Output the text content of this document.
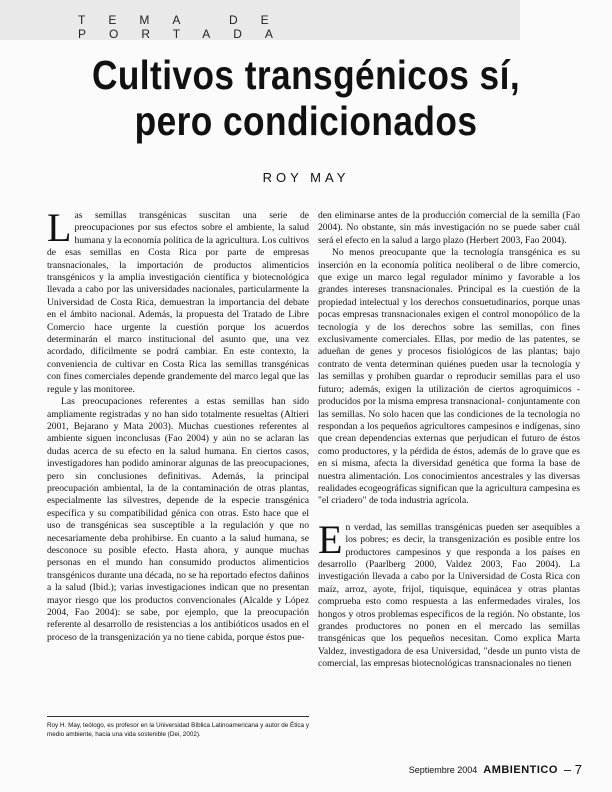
TEMA DE PORTADA
Cultivos transgénicos sí,
pero condicionados
ROY MAY

Las semillas transgénicas suscitan una serie de preocupaciones por sus efectos sobre el ambiente, la salud humana y la economía política de la agricultura. Los cultivos de esas semillas en Costa Rica por parte de empresas transnacionales, la importación de productos alimenticios transgénicos y la amplia investigación científica y biotecnológica llevada a cabo por las universidades nacionales, particularmente la Universidad de Costa Rica, demuestran la importancia del debate en el ámbito nacional. Además, la propuesta del Tratado de Libre Comercio hace urgente la cuestión porque los acuerdos determinarán el marco institucional del asunto que, una vez acordado, difícilmente se podrá cambiar. En este contexto, la conveniencia de cultivar en Costa Rica las semillas transgénicas con fines comerciales depende grandemente del marco legal que las regule y las monitoree.

Las preocupaciones referentes a estas semillas han sido ampliamente registradas y no han sido totalmente resueltas (Altieri 2001, Bejarano y Mata 2003). Muchas cuestiones referentes al ambiente siguen inconclusas (Fao 2004) y aún no se aclaran las dudas acerca de su efecto en la salud humana. En ciertos casos, investigadores han podido aminorar algunas de las preocupaciones, pero sin conclusiones definitivas. Además, la principal preocupación ambiental, la de la contaminación de otras plantas, especialmente las silvestres, depende de la especie transgénica específica y su compatibilidad génica con otras. Esto hace que el uso de transgénicas sea susceptible a la regulación y que no necesariamente deba prohibirse. En cuanto a la salud humana, se desconoce su posible efecto. Hasta ahora, y aunque muchas personas en el mundo han consumido productos alimenticios transgénicos durante una década, no se ha reportado efectos dañinos a la salud (Ibid.); varias investigaciones indican que no presentan mayor riesgo que los productos convencionales (Alcalde y López 2004, Fao 2004): se sabe, por ejemplo, que la preocupación referente al desarrollo de resistencias a los antibióticos usados en el proceso de la transgenización ya no tiene cabida, porque éstos pue-

den eliminarse antes de la producción comercial de la semilla (Fao 2004). No obstante, sin más investigación no se puede saber cuál será el efecto en la salud a largo plazo (Herbert 2003, Fao 2004).

No menos preocupante que la tecnología transgénica es su inserción en la economía política neoliberal o de libre comercio, que exige un marco legal regulador mínimo y favorable a los grandes intereses transnacionales. Principal es la cuestión de la propiedad intelectual y los derechos consuetudinarios, porque unas pocas empresas transnacionales exigen el control monopólico de la tecnología y de los derechos sobre las semillas, con fines exclusivamente comerciales. Ellas, por medio de las patentes, se adueñan de genes y procesos fisiológicos de las plantas; bajo contrato de venta determinan quiénes pueden usar la tecnología y las semillas y prohíben guardar o reproducir semillas para el uso futuro; además, exigen la utilización de ciertos agroquímicos -producidos por la misma empresa transnacional- conjuntamente con las semillas. No solo hacen que las condiciones de la tecnología no respondan a los pequeños agricultores campesinos e indígenas, sino que crean dependencias externas que perjudican el futuro de éstos como productores, y la pérdida de éstos, además de lo grave que es en sí misma, afecta la diversidad genética que forma la base de nuestra alimentación. Los conocimientos ancestrales y las diversas realidades ecogeográficas significan que la agricultura campesina es "el criadero" de toda industria agrícola.

En verdad, las semillas transgénicas pueden ser asequibles a los pobres; es decir, la transgenización es posible entre los productores campesinos y que responda a los países en desarrollo (Paarlberg 2000, Valdez 2003, Fao 2004). La investigación llevada a cabo por la Universidad de Costa Rica con maíz, arroz, ayote, frijol, tiquisque, equinácea y otras plantas comprueba esto como respuesta a las enfermedades virales, los hongos y otros problemas específicos de la región. No obstante, los grandes productores no ponen en el mercado las semillas transgénicas que los pequeños necesitan. Como explica Marta Valdez, investigadora de esa Universidad, "desde un punto vista de comercial, las empresas biotecnológicas transnacionales no tienen

Roy H. May, teólogo, es profesor en la Universidad Bíblica Latinoamericana y autor de Ética y medio ambiente, hacia una vida sostenible (Dei, 2002).
Septiembre 2004 AMBIENTICO – 7
